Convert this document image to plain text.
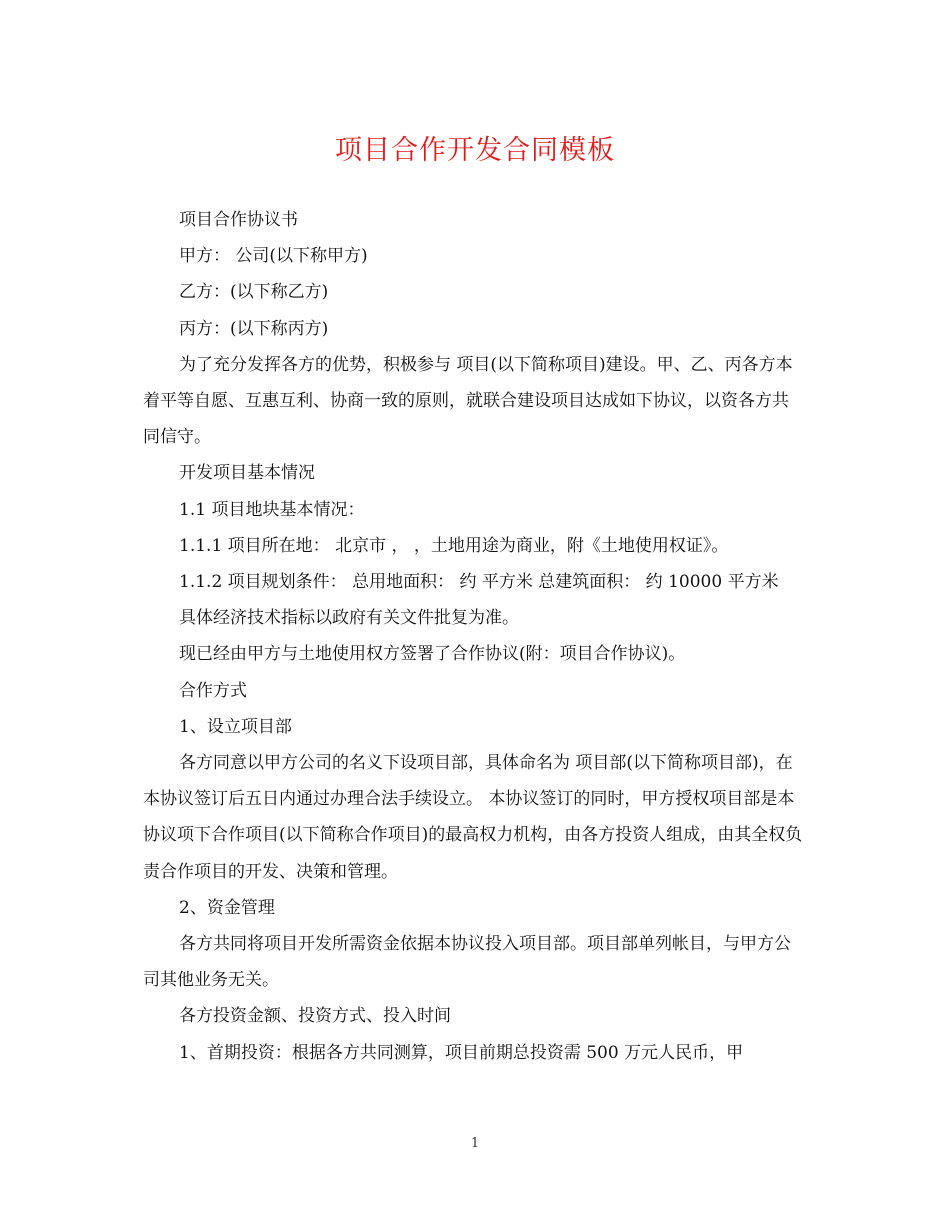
项目合作开发合同模板

项目合作协议书

甲方： 公司(以下称甲方)

乙方：(以下称乙方)

丙方：(以下称丙方)

为了充分发挥各方的优势，积极参与 项目(以下简称项目)建设。甲、乙、丙各方本着平等自愿、互惠互利、协商一致的原则，就联合建设项目达成如下协议，以资各方共同信守。

开发项目基本情况

1.1 项目地块基本情况：

1.1.1 项目所在地： 北京市 ， ，土地用途为商业，附《土地使用权证》。

1.1.2 项目规划条件： 总用地面积： 约 平方米 总建筑面积： 约 10000 平方米

具体经济技术指标以政府有关文件批复为准。

现已经由甲方与土地使用权方签署了合作协议(附：项目合作协议)。

合作方式

1、设立项目部

各方同意以甲方公司的名义下设项目部，具体命名为 项目部(以下简称项目部)，在本协议签订后五日内通过办理合法手续设立。 本协议签订的同时，甲方授权项目部是本协议项下合作项目(以下简称合作项目)的最高权力机构，由各方投资人组成，由其全权负责合作项目的开发、决策和管理。

2、资金管理

各方共同将项目开发所需资金依据本协议投入项目部。项目部单列帐目，与甲方公司其他业务无关。

各方投资金额、投资方式、投入时间

1、首期投资：根据各方共同测算，项目前期总投资需 500 万元人民币，甲

1
